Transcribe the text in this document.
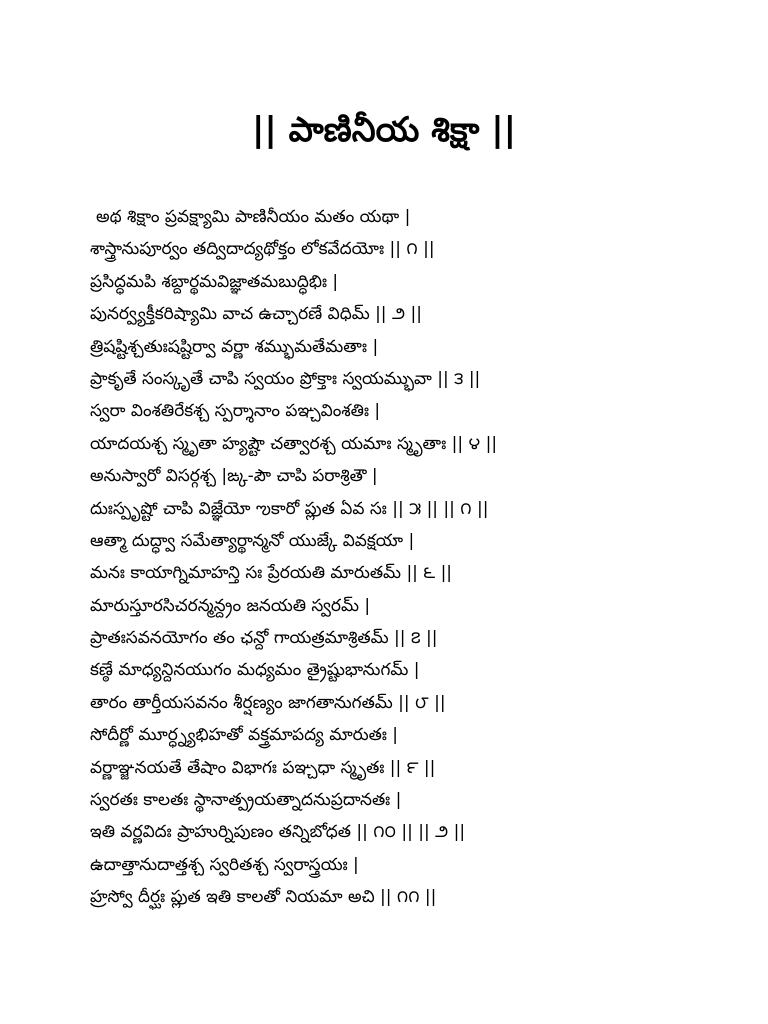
|| పాణినీయ శిక్షా ||
అథ శిక్షాం ప్రవక్ష్యామి పాణినీయం మతం యథా |
శాస్త్రానుపూర్వం తద్విదాద్యథోక్తం లోకవేదయోః || ౧ ||
ప్రసిద్ధమపి శబ్దార్థమవిజ్ఞాతమబుద్ధిభిః |
పునర్వ్యక్తీకరిష్యామి వాచ ఉచ్చారణే విధిమ్ || ౨ ||
త్రిషష్టిశ్చతుఃషష్టిర్వా వర్ణా శమ్భుమతేమతాః |
ప్రాకృతే సంస్కృతే చాపి స్వయం ప్రోక్తాః స్వయమ్భువా || ౩ ||
స్వరా వింశతిరేకశ్చ స్పర్శానాం పఞ్చవింశతిః |
యాదయశ్చ స్మృతా హ్యష్టౌ చత్వారశ్చ యమాః స్మృతాః || ౪ ||
అనుస్వారో విసర్గశ్చ |ఙ్క-పౌ చాపి పరాశ్రితౌ |
దుఃస్పృష్టో చాపి విజ్ఞేయో ఌకారో ప్లుత ఏవ సః || ౫ || || ౧ ||
ఆత్మా దుద్ధ్వా సమేత్యార్థాన్మనో యుజ్కే వివక్షయా |
మనః కాయాగ్నిమాహన్తి సః ప్రేరయతి మారుతమ్ || ౬ ||
మారుస్తూరసిచరన్మన్ద్రం జనయతి స్వరమ్ |
ప్రాతఃసవనయోగం తం ఛన్దో గాయత్రమాశ్రితమ్ || ౭ ||
కణ్ఠే మాధ్యన్దినయుగం మధ్యమం త్రైష్టుభానుగమ్ |
తారం తార్తీయసవనం శీర్షణ్యం జాగతానుగతమ్ || ౮ ||
సోదీర్ణో మూర్ధ్న్యభిహతో వక్త్రమాపద్య మారుతః |
వర్ణాఞ్జనయతే తేషాం విభాగః పఞ్చధా స్మృతః || ౯ ||
స్వరతః కాలతః స్థానాత్ప్రయత్నాదనుప్రదానతః |
ఇతి వర్ణవిదః ప్రాహుర్నిపుణం తన్నిబోధత || ౧౦ || || ౨ ||
ఉదాత్తానుదాత్తశ్చ స్వరితశ్చ స్వరాస్త్రయః |
హ్రస్వో దీర్ఘః ప్లుత ఇతి కాలతో నియమా అచి || ౧౧ ||
